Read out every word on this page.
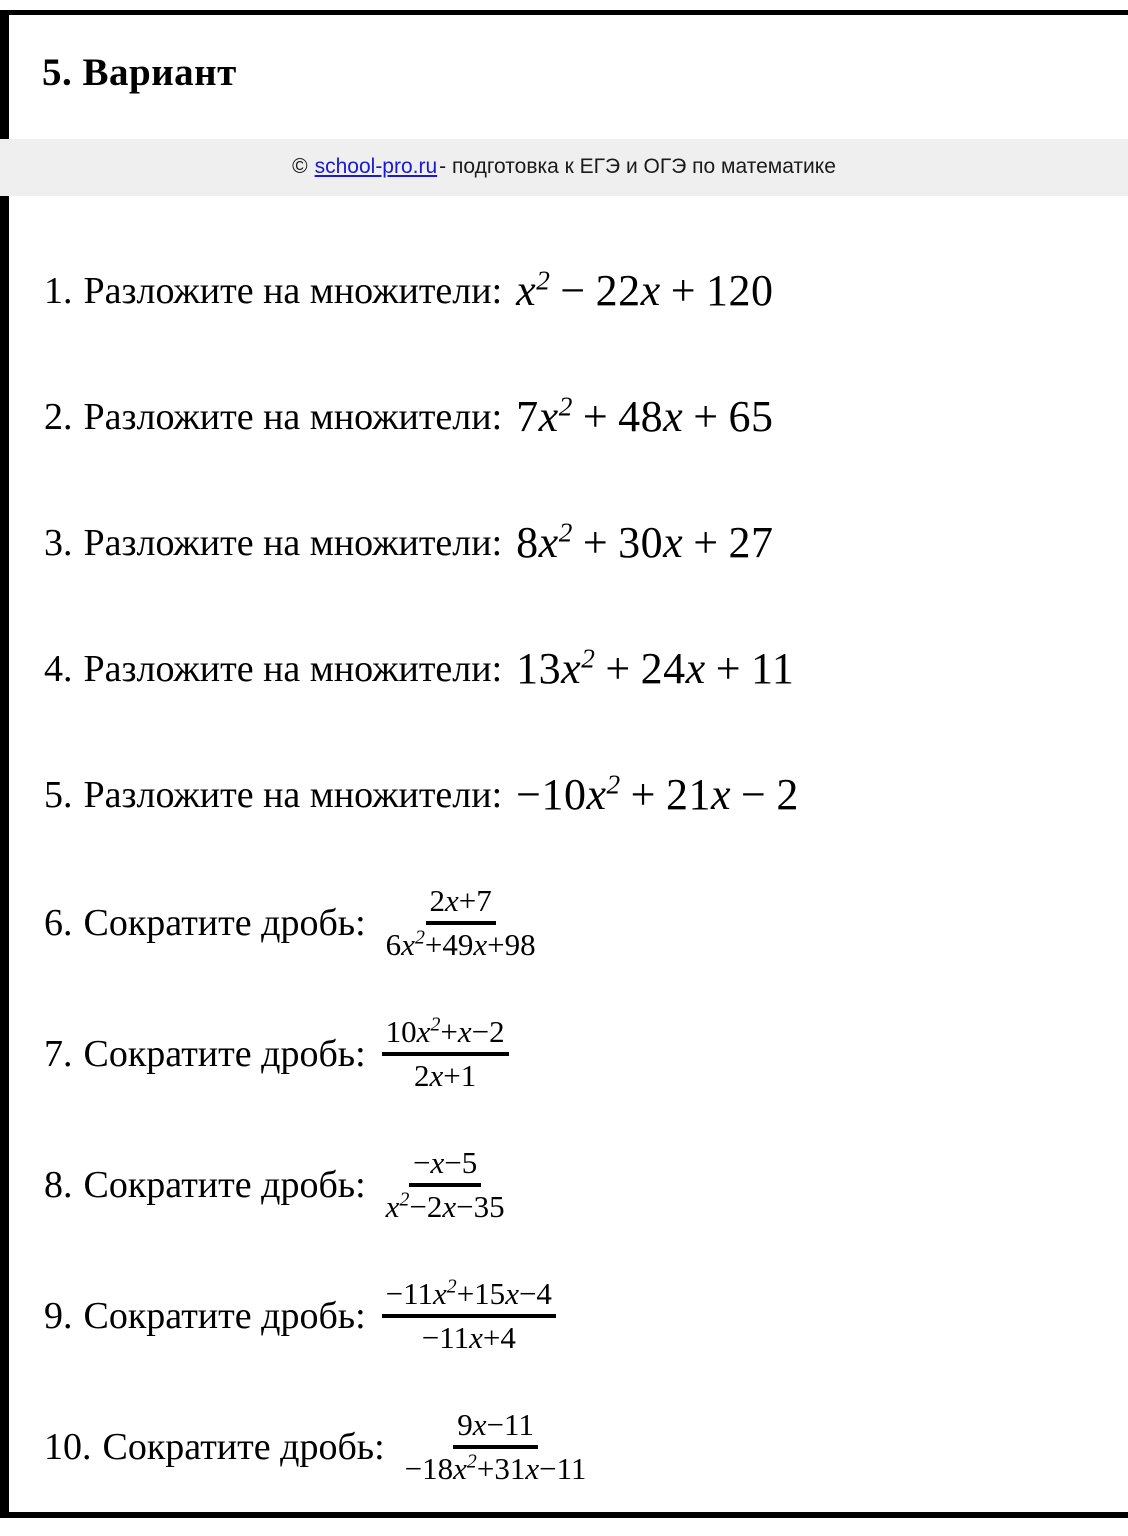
5. Вариант
© school-pro.ru - подготовка к ЕГЭ и ОГЭ по математике
1. Разложите на множители: $x^2 - 22x + 120$
2. Разложите на множители: $7x^2 + 48x + 65$
3. Разложите на множители: $8x^2 + 30x + 27$
4. Разложите на множители: $13x^2 + 24x + 11$
5. Разложите на множители: $-10x^2 + 21x - 2$
6. Сократите дробь: $\frac{2x+7}{6x^2+49x+98}$
7. Сократите дробь: $\frac{10x^2+x-2}{2x+1}$
8. Сократите дробь: $\frac{-x-5}{x^2-2x-35}$
9. Сократите дробь: $\frac{-11x^2+15x-4}{-11x+4}$
10. Сократите дробь: $\frac{9x-11}{-18x^2+31x-11}$
